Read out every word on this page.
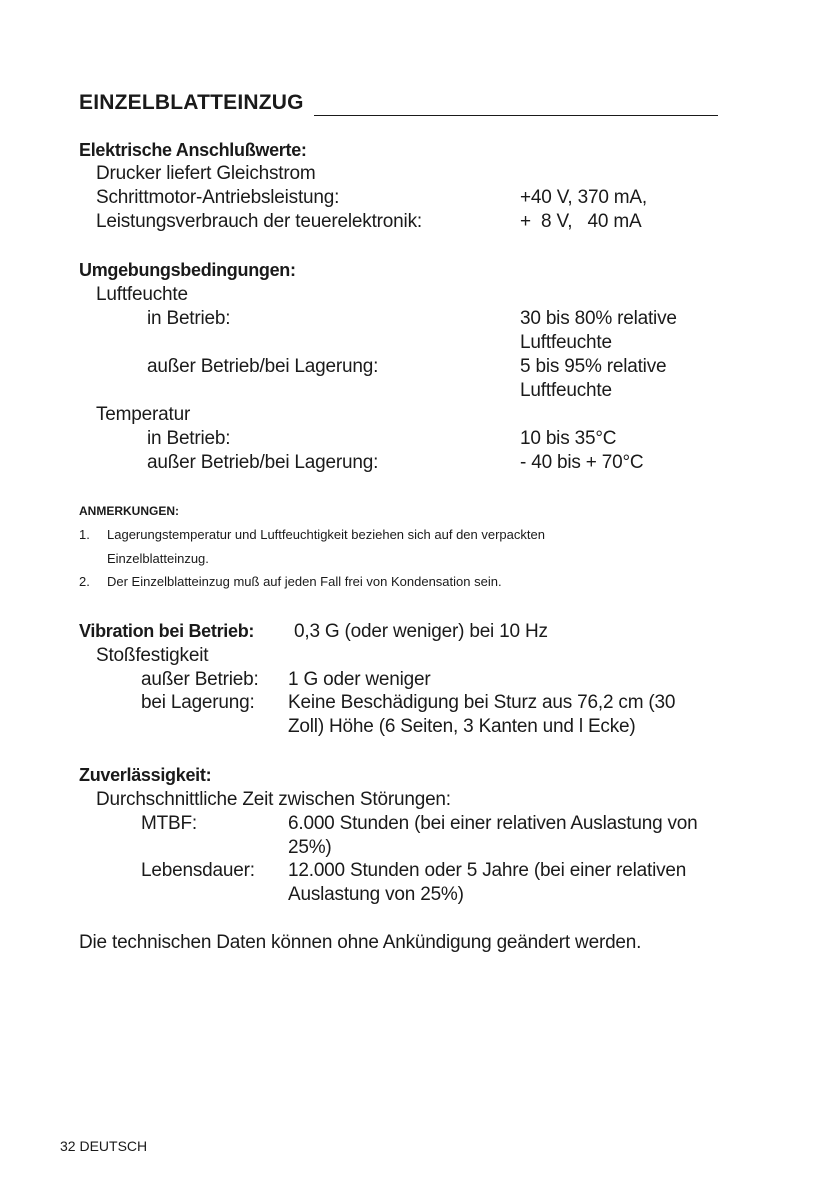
EINZELBLATTEINZUG
Elektrische Anschlußwerte:
Drucker liefert Gleichstrom
Schrittmotor-Antriebsleistung:	+40 V, 370 mA,
Leistungsverbrauch der teuerelektronik:	+  8 V,   40 mA
Umgebungsbedingungen:
Luftfeuchte
in Betrieb:	30 bis 80% relative
Luftfeuchte
außer Betrieb/bei Lagerung:	5 bis 95% relative
Luftfeuchte
Temperatur
in Betrieb:	10 bis 35°C
außer Betrieb/bei Lagerung:	- 40 bis + 70°C
ANMERKUNGEN:
1. Lagerungstemperatur und Luftfeuchtigkeit beziehen sich auf den verpackten
Einzelblatteinzug.
2. Der Einzelblatteinzug muß auf jeden Fall frei von Kondensation sein.
Vibration bei Betrieb: 0,3 G (oder weniger) bei 10 Hz
Stoßfestigkeit
außer Betrieb: 1 G oder weniger
bei Lagerung: Keine Beschädigung bei Sturz aus 76,2 cm (30
Zoll) Höhe (6 Seiten, 3 Kanten und l Ecke)
Zuverlässigkeit:
Durchschnittliche Zeit zwischen Störungen:
MTBF:	6.000 Stunden (bei einer relativen Auslastung von
25%)
Lebensdauer: 12.000 Stunden oder 5 Jahre (bei einer relativen
Auslastung von 25%)
Die technischen Daten können ohne Ankündigung geändert werden.
32 DEUTSCH
